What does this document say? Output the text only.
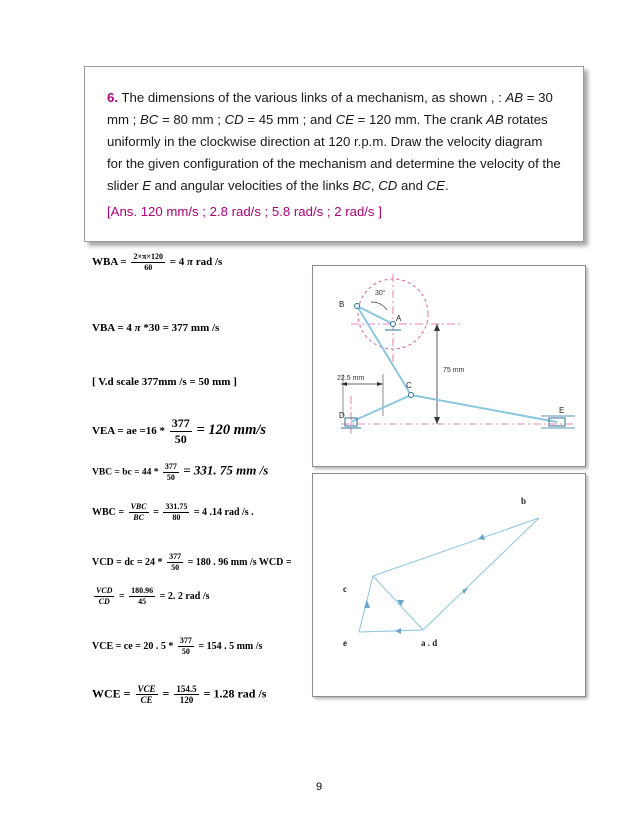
6. The dimensions of the various links of a mechanism, as shown , : AB = 30 mm ; BC = 80 mm ; CD = 45 mm ; and CE = 120 mm. The crank AB rotates uniformly in the clockwise direction at 120 r.p.m. Draw the velocity diagram for the given configuration of the mechanism and determine the velocity of the slider E and angular velocities of the links BC, CD and CE.
[Ans. 120 mm/s ; 2.8 rad/s ; 5.8 rad/s ; 2 rad/s ]
WBA = $\frac{2\times\pi\times 120}{60} = 4$ π rad /s
VBA = 4 π *30 = 377 mm /s
[ V.d scale 377mm /s = 50 mm ]
VEA = ae $=16 * \frac{377}{50} = 120$ mm/s
VBC = bc = $44 * \frac{377}{50} = 331$. 75 mm /s
WBC = $\frac{\text{VBC}}{BC} = \frac{331.75}{80} = 4$ .14 rad /s .
VCD = dc = $24 * \frac{377}{50} = 180$ . 96 mm /s WCD =
$\frac{\text{VCD}}{CD} = \frac{180.96}{45} = 2$. 2 rad /s
VCE = ce = 20 . $5 * \frac{377}{50} = 154$ . 5 mm /s
WCE = $\frac{\text{VCE}}{CE} = \frac{154.5}{120} = 1.28$ rad /s
75 mm
22.5 mm
30°
B
A
C
D
E
b
c
e	a . d
9
